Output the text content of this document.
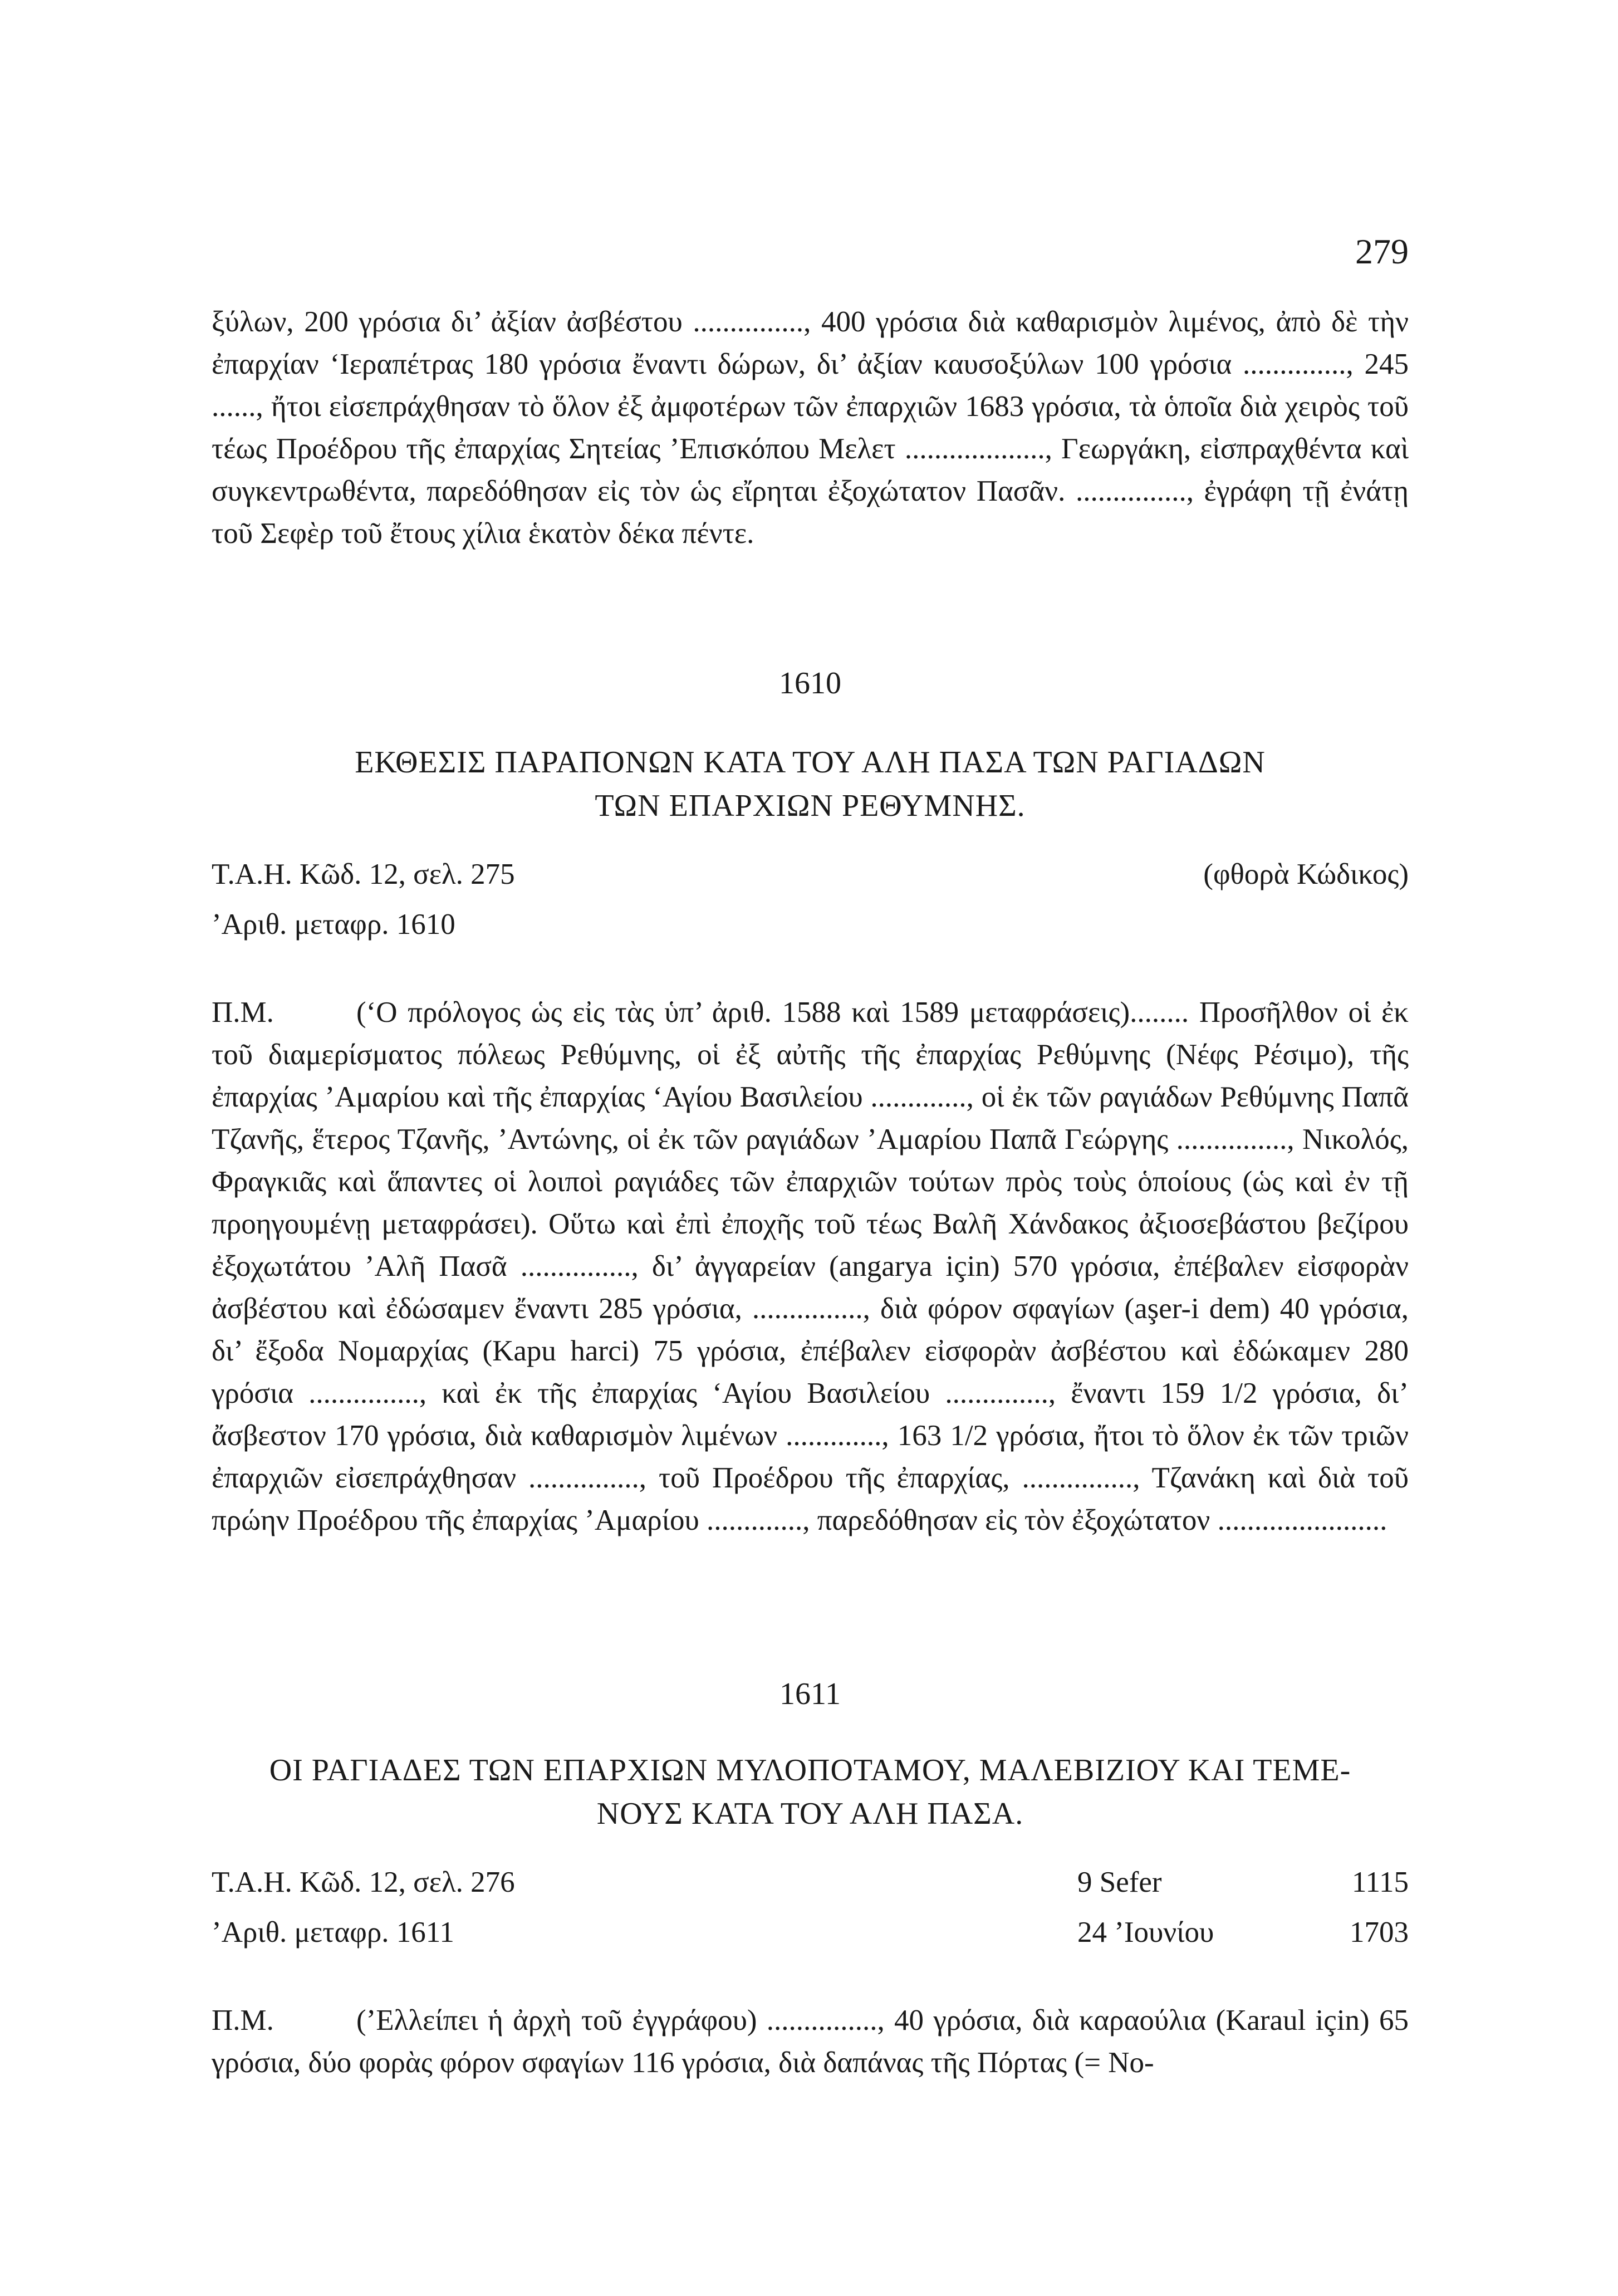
279

ξύλων, 200 γρόσια δι’ ἀξίαν ἀσβέστου ..............., 400 γρόσια διὰ καθαρισμὸν λιμένος, ἀπὸ δὲ τὴν ἐπαρχίαν ‘Ιεραπέτρας 180 γρόσια ἔναντι δώρων, δι’ ἀξίαν καυσοξύλων 100 γρόσια .............., 245 ......, ἤτοι εἰσεπράχθησαν τὸ ὅλον ἐξ ἀμφοτέρων τῶν ἐπαρχιῶν 1683 γρόσια, τὰ ὁποῖα διὰ χειρὸς τοῦ τέως Προέδρου τῆς ἐπαρχίας Σητείας ’Επισκόπου Μελετ ..................., Γεωργάκη, εἰσπραχθέντα καὶ συγκεντρωθέντα, παρεδόθησαν εἰς τὸν ὡς εἴρηται ἐξοχώτατον Πασᾶν. ..............., ἐγράφη τῇ ἐνάτῃ τοῦ Σεφὲρ τοῦ ἔτους χίλια ἑκατὸν δέκα πέντε.

1610
ΕΚΘΕΣΙΣ ΠΑΡΑΠΟΝΩΝ ΚΑΤΑ ΤΟΥ ΑΛΗ ΠΑΣΑ ΤΩΝ ΡΑΓΙΑΔΩΝ
ΤΩΝ ΕΠΑΡΧΙΩΝ ΡΕΘΥΜΝΗΣ.
Τ.Α.Η. Κῶδ. 12, σελ. 275	(φθορὰ Κώδικος)
’Αριθ. μεταφρ. 1610

Π.Μ.	(‘Ο πρόλογος ὡς εἰς τὰς ὑπ’ ἀριθ. 1588 καὶ 1589 μεταφράσεις)........ Προσῆλθον οἱ ἐκ τοῦ διαμερίσματος πόλεως Ρεθύμνης, οἱ ἐξ αὐτῆς τῆς ἐπαρχίας Ρεθύμνης (Νέφς Ρέσιμο), τῆς ἐπαρχίας ’Αμαρίου καὶ τῆς ἐπαρχίας ‘Αγίου Βασιλείου ............., οἱ ἐκ τῶν ραγιάδων Ρεθύμνης Παπᾶ Τζανῆς, ἕτερος Τζανῆς, ’Αντώνης, οἱ ἐκ τῶν ραγιάδων ’Αμαρίου Παπᾶ Γεώργης ..............., Νικολός, Φραγκιᾶς καὶ ἅπαντες οἱ λοιποὶ ραγιάδες τῶν ἐπαρχιῶν τούτων πρὸς τοὺς ὁποίους (ὡς καὶ ἐν τῇ προηγουμένῃ μεταφράσει). Οὕτω καὶ ἐπὶ ἐποχῆς τοῦ τέως Βαλῆ Χάνδακος ἀξιοσεβάστου βεζίρου ἐξοχωτάτου ’Αλῆ Πασᾶ ..............., δι’ ἀγγαρείαν (angarya için) 570 γρόσια, ἐπέβαλεν εἰσφορὰν ἀσβέστου καὶ ἐδώσαμεν ἔναντι 285 γρόσια, ..............., διὰ φόρον σφαγίων (aşer-i dem) 40 γρόσια, δι’ ἔξοδα Νομαρχίας (Kapu harci) 75 γρόσια, ἐπέβαλεν εἰσφορὰν ἀσβέστου καὶ ἐδώκαμεν 280 γρόσια ..............., καὶ ἐκ τῆς ἐπαρχίας ‘Αγίου Βασιλείου .............., ἔναντι 159 1/2 γρόσια, δι’ ἄσβεστον 170 γρόσια, διὰ καθαρισμὸν λιμένων ............., 163 1/2 γρόσια, ἤτοι τὸ ὅλον ἐκ τῶν τριῶν ἐπαρχιῶν εἰσεπράχθησαν ..............., τοῦ Προέδρου τῆς ἐπαρχίας, ..............., Τζανάκη καὶ διὰ τοῦ πρώην Προέδρου τῆς ἐπαρχίας ’Αμαρίου ............., παρεδόθησαν εἰς τὸν ἐξοχώτατον .......................

1611
ΟΙ ΡΑΓΙΑΔΕΣ ΤΩΝ ΕΠΑΡΧΙΩΝ ΜΥΛΟΠΟΤΑΜΟΥ, ΜΑΛΕΒΙΖΙΟΥ ΚΑΙ ΤΕΜΕ-
ΝΟΥΣ ΚΑΤΑ ΤΟΥ ΑΛΗ ΠΑΣΑ.
Τ.Α.Η. Κῶδ. 12, σελ. 276	9 Sefer	1115
’Αριθ. μεταφρ. 1611	24 ’Ιουνίου	1703

Π.Μ.	(’Ελλείπει ἡ ἀρχὴ τοῦ ἐγγράφου) ..............., 40 γρόσια, διὰ καραούλια (Karaul için) 65 γρόσια, δύο φορὰς φόρον σφαγίων 116 γρόσια, διὰ δαπάνας τῆς Πόρτας (= Νο-
